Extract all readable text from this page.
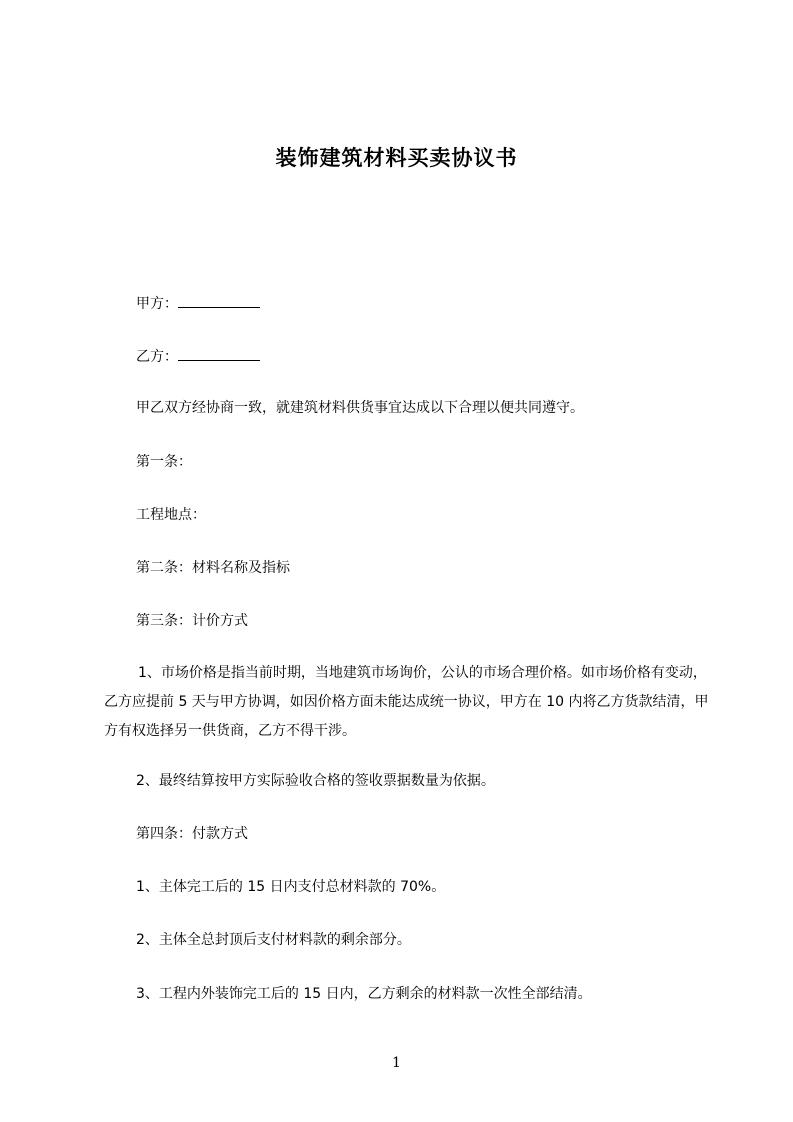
装饰建筑材料买卖协议书
甲方：
乙方：
甲乙双方经协商一致，就建筑材料供货事宜达成以下合理以便共同遵守。
第一条：
工程地点：
第二条：材料名称及指标
第三条：计价方式
1、市场价格是指当前时期，当地建筑市场询价，公认的市场合理价格。如市场价格有变动，乙方应提前 5 天与甲方协调，如因价格方面未能达成统一协议，甲方在 10 内将乙方货款结清，甲方有权选择另一供货商，乙方不得干涉。
2、最终结算按甲方实际验收合格的签收票据数量为依据。
第四条：付款方式
1、主体完工后的 15 日内支付总材料款的 70%。
2、主体全总封顶后支付材料款的剩余部分。
3、工程内外装饰完工后的 15 日内，乙方剩余的材料款一次性全部结清。
1
